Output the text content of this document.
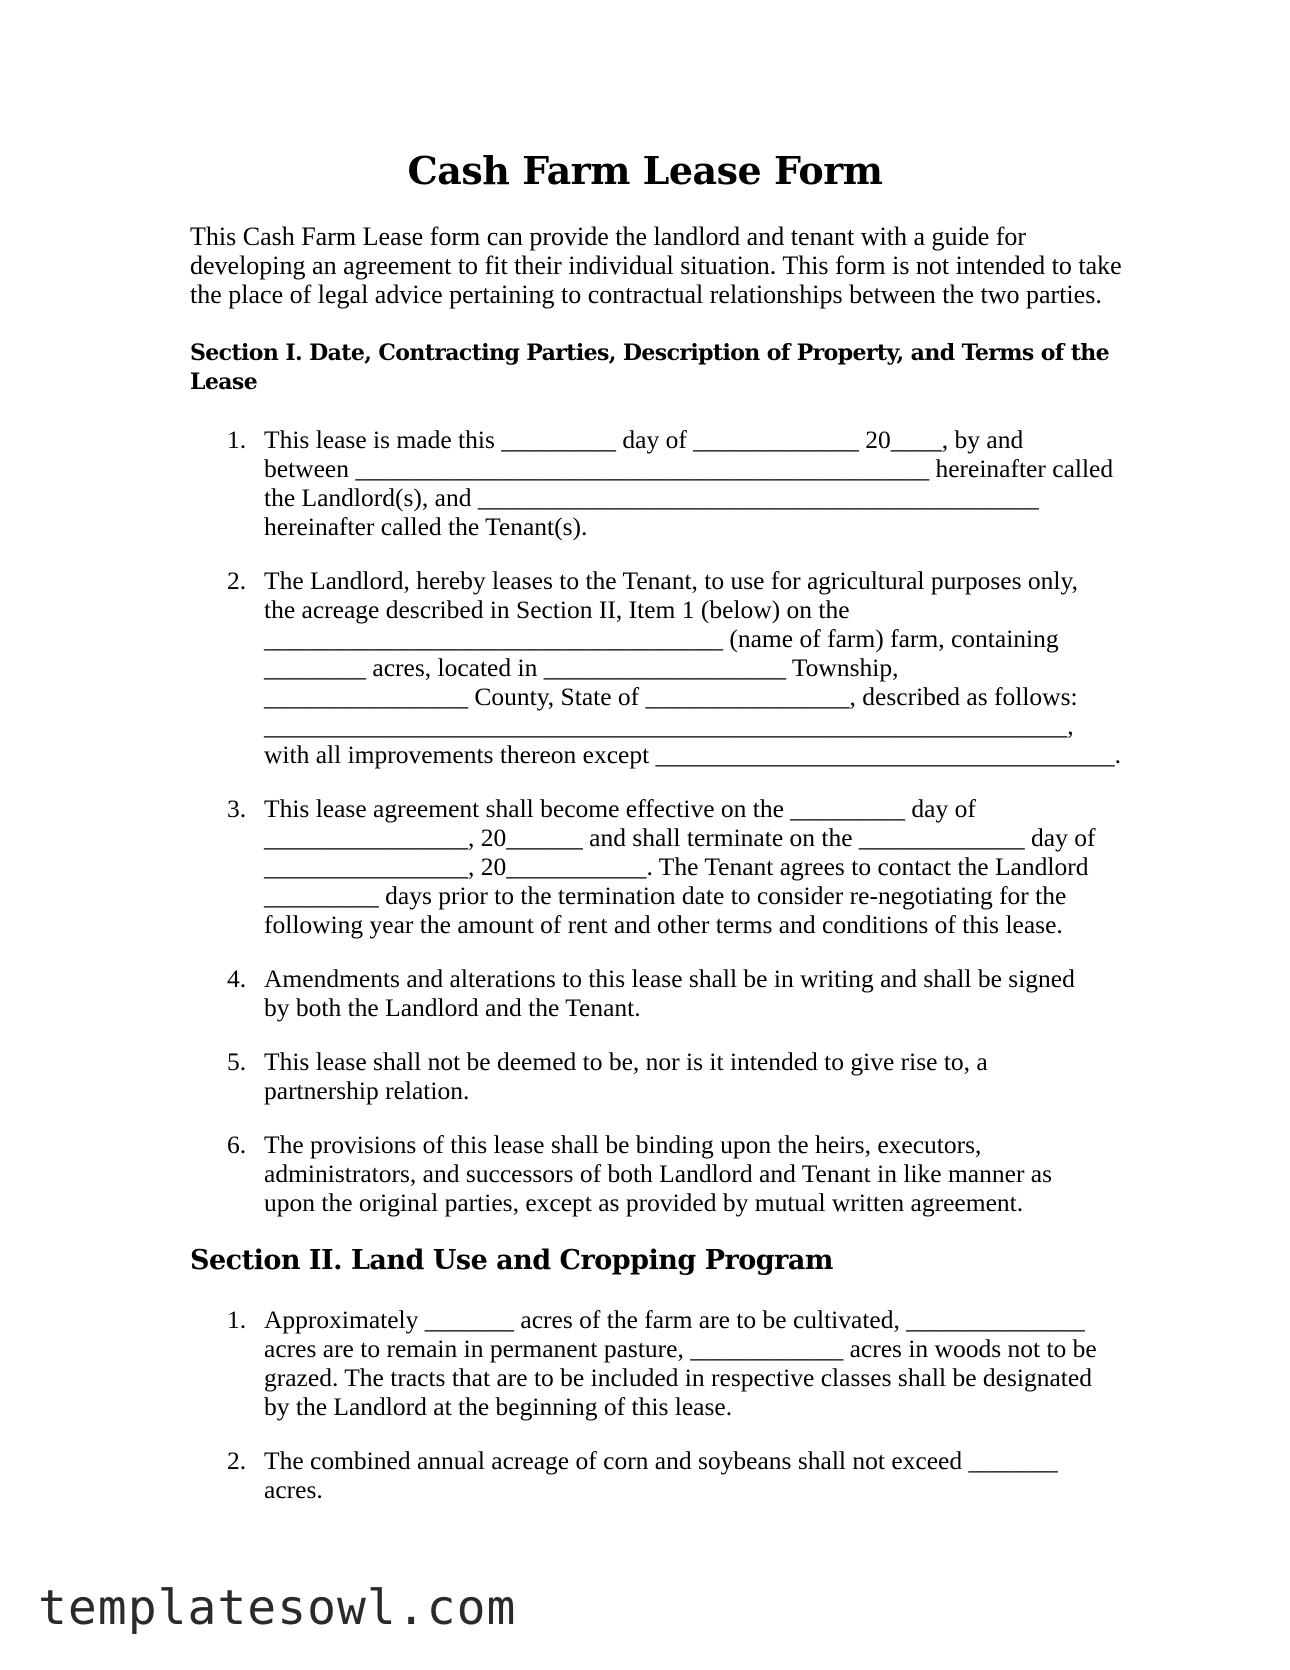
Cash Farm Lease Form
This Cash Farm Lease form can provide the landlord and tenant with a guide for
developing an agreement to fit their individual situation. This form is not intended to take
the place of legal advice pertaining to contractual relationships between the two parties.
Section I. Date, Contracting Parties, Description of Property, and Terms of the Lease
1. This lease is made this _________ day of _____________ 20____, by and
between _____________________________________________ hereinafter called
the Landlord(s), and ____________________________________________
hereinafter called the Tenant(s).
2. The Landlord, hereby leases to the Tenant, to use for agricultural purposes only,
the acreage described in Section II, Item 1 (below) on the
____________________________________ (name of farm) farm, containing
________ acres, located in ___________________ Township,
________________ County, State of ________________, described as follows:
_______________________________________________________________,
with all improvements thereon except ____________________________________.
3. This lease agreement shall become effective on the _________ day of
________________, 20______ and shall terminate on the _____________ day of
________________, 20___________. The Tenant agrees to contact the Landlord
_________ days prior to the termination date to consider re-negotiating for the
following year the amount of rent and other terms and conditions of this lease.
4. Amendments and alterations to this lease shall be in writing and shall be signed
by both the Landlord and the Tenant.
5. This lease shall not be deemed to be, nor is it intended to give rise to, a
partnership relation.
6. The provisions of this lease shall be binding upon the heirs, executors,
administrators, and successors of both Landlord and Tenant in like manner as
upon the original parties, except as provided by mutual written agreement.
Section II. Land Use and Cropping Program
1. Approximately _______ acres of the farm are to be cultivated, ______________
acres are to remain in permanent pasture, ____________ acres in woods not to be
grazed. The tracts that are to be included in respective classes shall be designated
by the Landlord at the beginning of this lease.
2. The combined annual acreage of corn and soybeans shall not exceed _______
acres.
templatesowl.com
